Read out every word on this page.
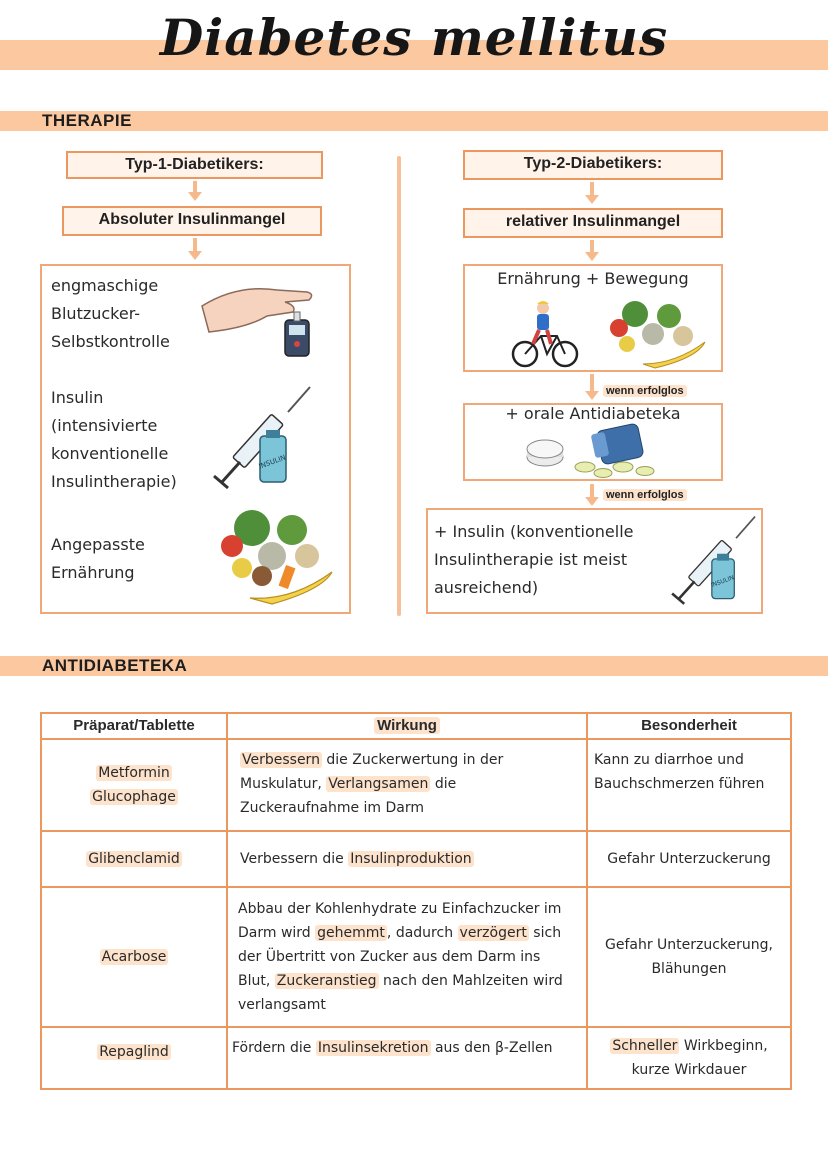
Diabetes mellitus
THERAPIE
Typ-1-Diabetikers:
Absoluter Insulinmangel
engmaschige
Blutzucker-
Selbstkontrolle
Insulin
(intensivierte
konventionelle
Insulintherapie)
INSULIN
Angepasste
Ernährung
Typ-2-Diabetikers:
relativer Insulinmangel
Ernährung + Bewegung
wenn erfolglos
+ orale Antidiabeteka
wenn erfolglos
+ Insulin (konventionelle
Insulintherapie ist meist
ausreichend)	INSULIN
ANTIDIABETEKA
Präparat/Tablette	Wirkung	Besonderheit

Metformin
Glucophage	Verbessern die Zuckerwertung in der Muskulatur, Verlangsamen die Zuckeraufnahme im Darm	Kann zu diarrhoe und Bauchschmerzen führen
Glibenclamid	Verbessern die Insulinproduktion	Gefahr Unterzuckerung
Acarbose	Abbau der Kohlenhydrate zu Einfachzucker im Darm wird gehemmt , dadurch verzögert sich der Übertritt von Zucker aus dem Darm ins Blut, Zuckeranstieg nach den Mahlzeiten wird verlangsamt	Gefahr Unterzuckerung, Blähungen
Repaglind	Fördern die Insulinsekretion aus den β-Zellen	Schneller Wirkbeginn, kurze Wirkdauer
